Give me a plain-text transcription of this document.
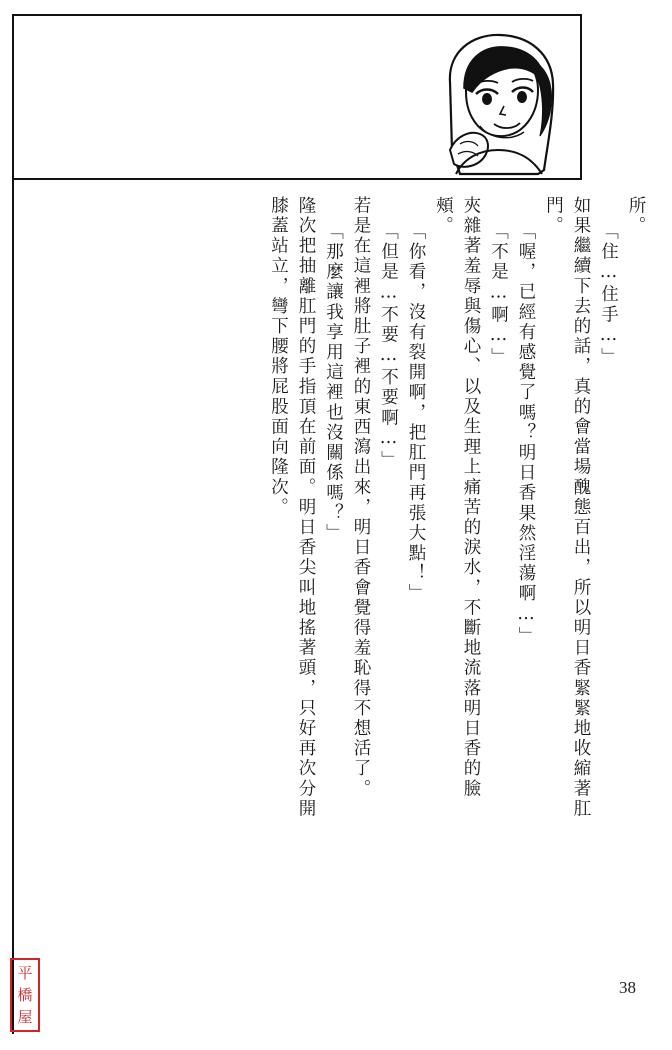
所。
「住…住手…」
如果繼續下去的話，真的會當場醜態百出，所以明日香緊緊地收縮著肛
門。
「喔，已經有感覺了嗎？明日香果然淫蕩啊…」
「不是…啊…」
夾雜著羞辱與傷心、以及生理上痛苦的淚水，不斷地流落明日香的臉
頰。
「你看，沒有裂開啊，把肛門再張大點！」
「但是…不要…不要啊…」
若是在這裡將肚子裡的東西瀉出來，明日香會覺得羞恥得不想活了。
「那麼讓我享用這裡也沒關係嗎？」
隆次把抽離肛門的手指頂在前面。明日香尖叫地搖著頭，只好再次分開
膝蓋站立，彎下腰將屁股面向隆次。
38
平
橋
屋
